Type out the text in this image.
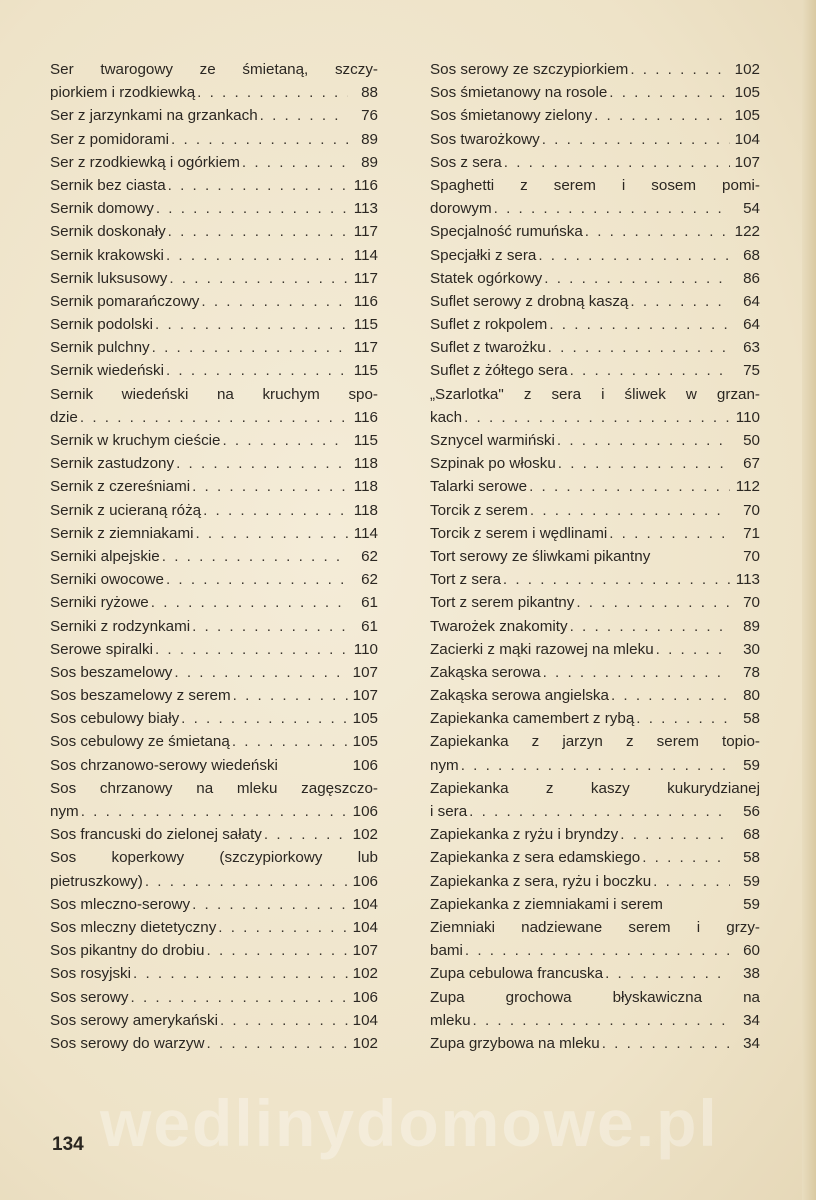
wedlinydomowe.pl
Ser twarogowy ze śmietaną, szczy-
piorkiem i rzodkiewką . . .	88
Ser z jarzynkami na grzankach . . .	76
Ser z pomidorami . . .	89
Ser z rzodkiewką i ogórkiem . . .	89
Sernik bez ciasta . . .	116
Sernik domowy . . .	113
Sernik doskonały . . .	117
Sernik krakowski . . .	114
Sernik luksusowy . . .	117
Sernik pomarańczowy . . .	116
Sernik podolski . . .	115
Sernik pulchny . . .	117
Sernik wiedeński . . .	115
Sernik wiedeński na kruchym spo-
dzie . . .	116
Sernik w kruchym cieście . . .	115
Sernik zastudzony . . .	118
Sernik z czereśniami . . .	118
Sernik z ucieraną różą . . .	118
Sernik z ziemniakami . . .	114
Serniki alpejskie . . .	62
Serniki owocowe . . .	62
Serniki ryżowe . . .	61
Serniki z rodzynkami . . .	61
Serowe spiralki . . .	110
Sos beszamelowy . . .	107
Sos beszamelowy z serem . . .	107
Sos cebulowy biały . . .	105
Sos cebulowy ze śmietaną . . .	105
Sos chrzanowo-serowy wiedeński	106
Sos chrzanowy na mleku zagęszczo-
nym . . .	106
Sos francuski do zielonej sałaty . . .	102
Sos koperkowy (szczypiorkowy lub
pietruszkowy) . . .	106
Sos mleczno-serowy . . .	104
Sos mleczny dietetyczny . . .	104
Sos pikantny do drobiu . . .	107
Sos rosyjski . . .	102
Sos serowy . . .	106
Sos serowy amerykański . . .	104
Sos serowy do warzyw . . .	102
Sos serowy ze szczypiorkiem . . .	102
Sos śmietanowy na rosole . . .	105
Sos śmietanowy zielony . . .	105
Sos twarożkowy . . .	104
Sos z sera . . .	107
Spaghetti z serem i sosem pomi-
dorowym . . .	54
Specjalność rumuńska . . .	122
Specjałki z sera . . .	68
Statek ogórkowy . . .	86
Suflet serowy z drobną kaszą . . .	64
Suflet z rokpolem . . .	64
Suflet z twarożku . . .	63
Suflet z żółtego sera . . .	75
„Szarlotka" z sera i śliwek w grzan-
kach . . .	110
Sznycel warmiński . . .	50
Szpinak po włosku . . .	67
Talarki serowe . . .	112
Torcik z serem . . .	70
Torcik z serem i wędlinami . . .	71
Tort serowy ze śliwkami pikantny	70
Tort z sera . . .	113
Tort z serem pikantny . . .	70
Twarożek znakomity . . .	89
Zacierki z mąki razowej na mleku . . .	30
Zakąska serowa . . .	78
Zakąska serowa angielska . . .	80
Zapiekanka camembert z rybą . . .	58
Zapiekanka z jarzyn z serem topio-
nym . . .	59
Zapiekanka z kaszy kukurydzianej
i sera . . .	56
Zapiekanka z ryżu i bryndzy . . .	68
Zapiekanka z sera edamskiego . . .	58
Zapiekanka z sera, ryżu i boczku . . .	59
Zapiekanka z ziemniakami i serem	59
Ziemniaki nadziewane serem i grzy-
bami . . .	60
Zupa cebulowa francuska . . .	38
Zupa grochowa błyskawiczna na
mleku . . .	34
Zupa grzybowa na mleku . . .	34
134
